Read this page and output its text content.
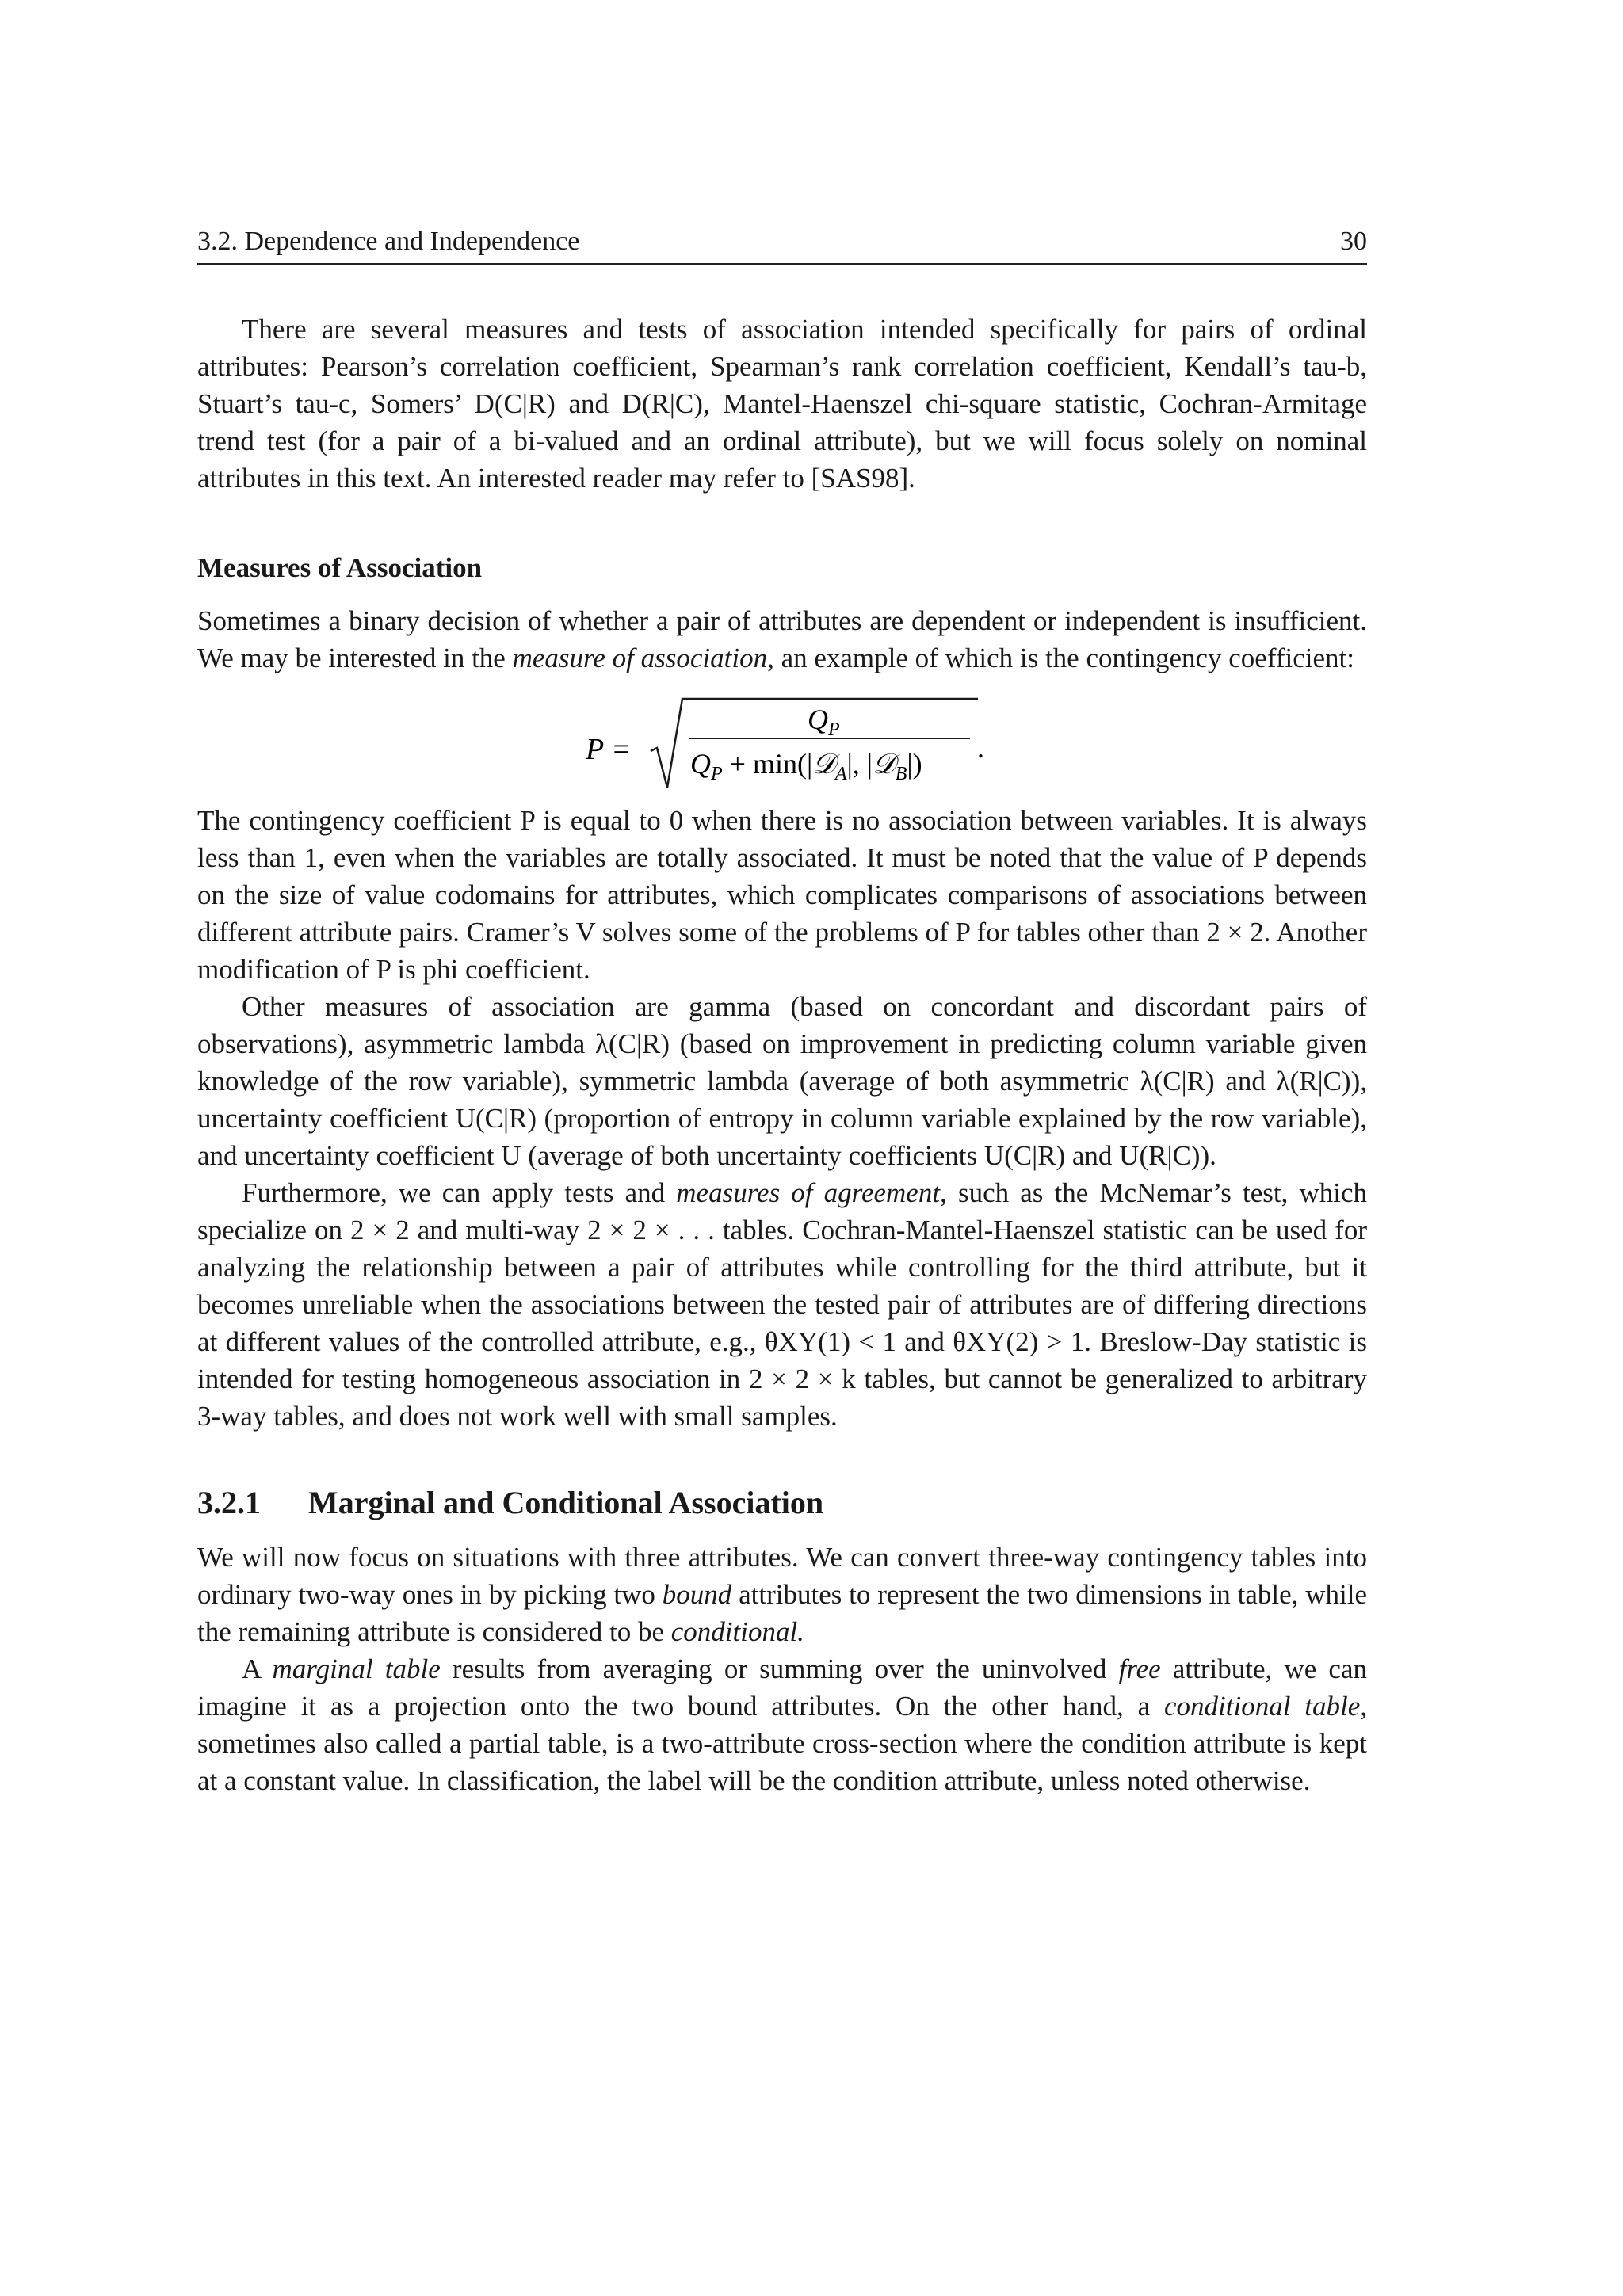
3.2. Dependence and Independence	30

There are several measures and tests of association intended specifically for pairs of ordinal attributes: Pearson’s correlation coefficient, Spearman’s rank correlation coefficient, Kendall’s tau-b, Stuart’s tau-c, Somers’ D(C|R) and D(R|C), Mantel-Haenszel chi-square statistic, Cochran-Armitage trend test (for a pair of a bi-valued and an ordinal attribute), but we will focus solely on nominal attributes in this text. An interested reader may refer to [SAS98].

Measures of Association

Sometimes a binary decision of whether a pair of attributes are dependent or independent is insufficient. We may be interested in the measure of association, an example of which is the contingency coefficient:

P =
$Q_P$
$Q_P$ + min(|𝒟$_A$|, |𝒟$_B$|) .

The contingency coefficient P is equal to 0 when there is no association between variables. It is always less than 1, even when the variables are totally associated. It must be noted that the value of P depends on the size of value codomains for attributes, which complicates comparisons of associations between different attribute pairs. Cramer’s V solves some of the problems of P for tables other than 2 × 2. Another modification of P is phi coefficient.

Other measures of association are gamma (based on concordant and discordant pairs of observations), asymmetric lambda λ(C|R) (based on improvement in predicting column variable given knowledge of the row variable), symmetric lambda (average of both asymmetric λ(C|R) and λ(R|C)), uncertainty coefficient U(C|R) (proportion of entropy in column variable explained by the row variable), and uncertainty coefficient U (average of both uncertainty coefficients U(C|R) and U(R|C)).

Furthermore, we can apply tests and measures of agreement, such as the McNemar’s test, which specialize on 2 × 2 and multi-way 2 × 2 × . . . tables. Cochran-Mantel-Haenszel statistic can be used for analyzing the relationship between a pair of attributes while controlling for the third attribute, but it becomes unreliable when the associations between the tested pair of attributes are of differing directions at different values of the controlled attribute, e.g., θXY(1) < 1 and θXY(2) > 1. Breslow-Day statistic is intended for testing homogeneous association in 2 × 2 × k tables, but cannot be generalized to arbitrary 3-way tables, and does not work well with small samples.

3.2.1 Marginal and Conditional Association

We will now focus on situations with three attributes. We can convert three-way contingency tables into ordinary two-way ones in by picking two bound attributes to represent the two dimensions in table, while the remaining attribute is considered to be conditional.

A marginal table results from averaging or summing over the uninvolved free attribute, we can imagine it as a projection onto the two bound attributes. On the other hand, a conditional table, sometimes also called a partial table, is a two-attribute cross-section where the condition attribute is kept at a constant value. In classification, the label will be the condition attribute, unless noted otherwise.
